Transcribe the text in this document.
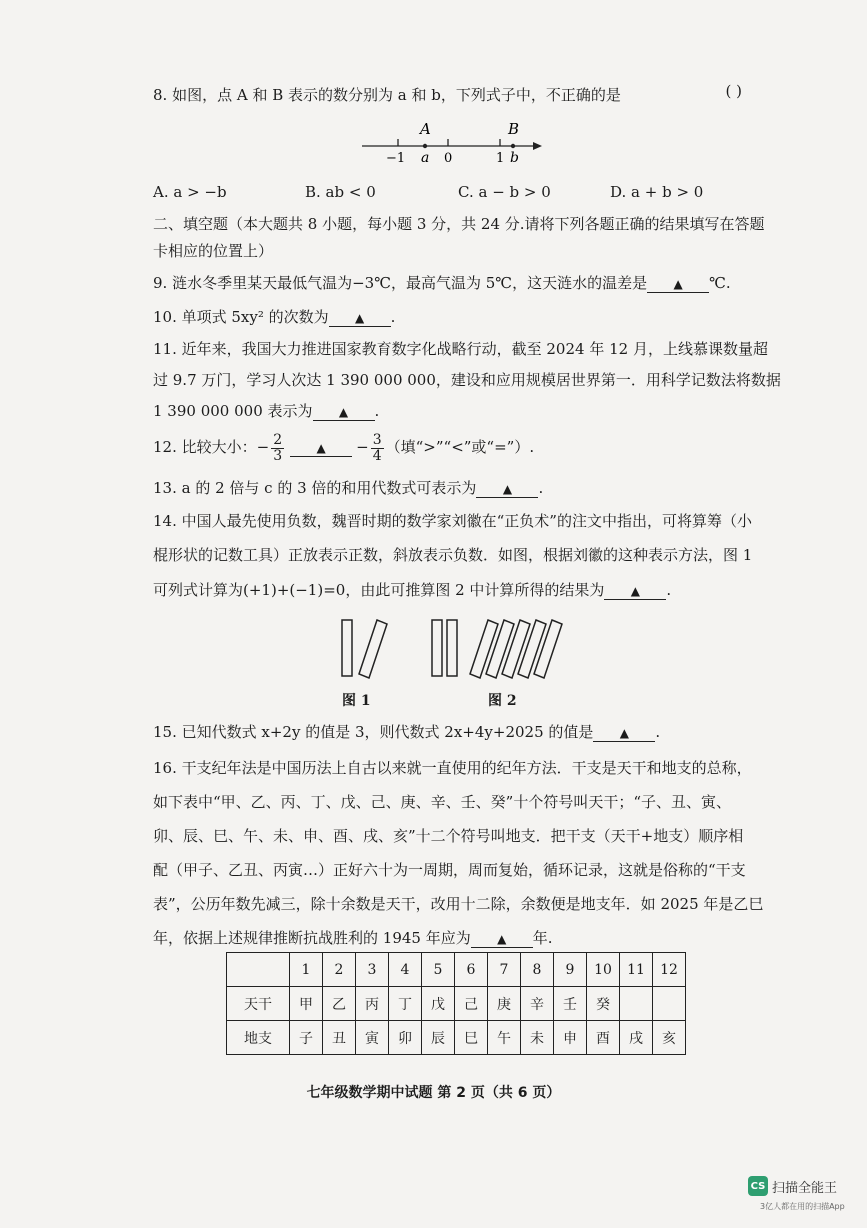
8. 如图，点 A 和 B 表示的数分别为 a 和 b，下列式子中，不正确的是	( )
A	B
−1 a 0	1 b
A. a > −b	B. ab < 0	C. a − b > 0	D. a + b > 0
二、填空题（本大题共 8 小题，每小题 3 分，共 24 分.请将下列各题正确的结果填写在答题
卡相应的位置上）
9. 涟水冬季里某天最低气温为−3℃，最高气温为 5℃，这天涟水的温差是 ▲ ℃.
10. 单项式 5xy² 的次数为 ▲ .
11. 近年来，我国大力推进国家教育数字化战略行动，截至 2024 年 12 月，上线慕课数量超
过 9.7 万门，学习人次达 1 390 000 000，建设和应用规模居世界第一．用科学记数法将数据
1 390 000 000 表示为 ▲ .
12. 比较大小：− $\frac{2}{3}$	▲ − $\frac{3}{4}$ （填“>”“<”或“=”）.
13. a 的 2 倍与 c 的 3 倍的和用代数式可表示为 ▲ .
14. 中国人最先使用负数，魏晋时期的数学家刘徽在“正负术”的注文中指出，可将算筹（小
棍形状的记数工具）正放表示正数，斜放表示负数．如图，根据刘徽的这种表示方法，图 1
可列式计算为(+1)+(−1)=0，由此可推算图 2 中计算所得的结果为 ▲ .
图 1	图 2
15. 已知代数式 x+2y 的值是 3，则代数式 2x+4y+2025 的值是 ▲ .
16. 干支纪年法是中国历法上自古以来就一直使用的纪年方法．干支是天干和地支的总称，
如下表中“甲、乙、丙、丁、戊、己、庚、辛、壬、癸”十个符号叫天干；“子、丑、寅、
卯、辰、巳、午、未、申、酉、戌、亥”十二个符号叫地支．把干支（天干+地支）顺序相
配（甲子、乙丑、丙寅…）正好六十为一周期，周而复始，循环记录，这就是俗称的“干支
表”，公历年数先减三，除十余数是天干，改用十二除，余数便是地支年．如 2025 年是乙巳
年，依据上述规律推断抗战胜利的 1945 年应为 ▲ 年.
	1	2	3	4	5	6	7	8	9	10	11	12
天干	甲	乙	丙	丁	戊	己	庚	辛	壬	癸		
地支	子	丑	寅	卯	辰	巳	午	未	申	酉	戌	亥
七年级数学期中试题 第 2 页（共 6 页）
CS 扫描全能王
3亿人都在用的扫描App
